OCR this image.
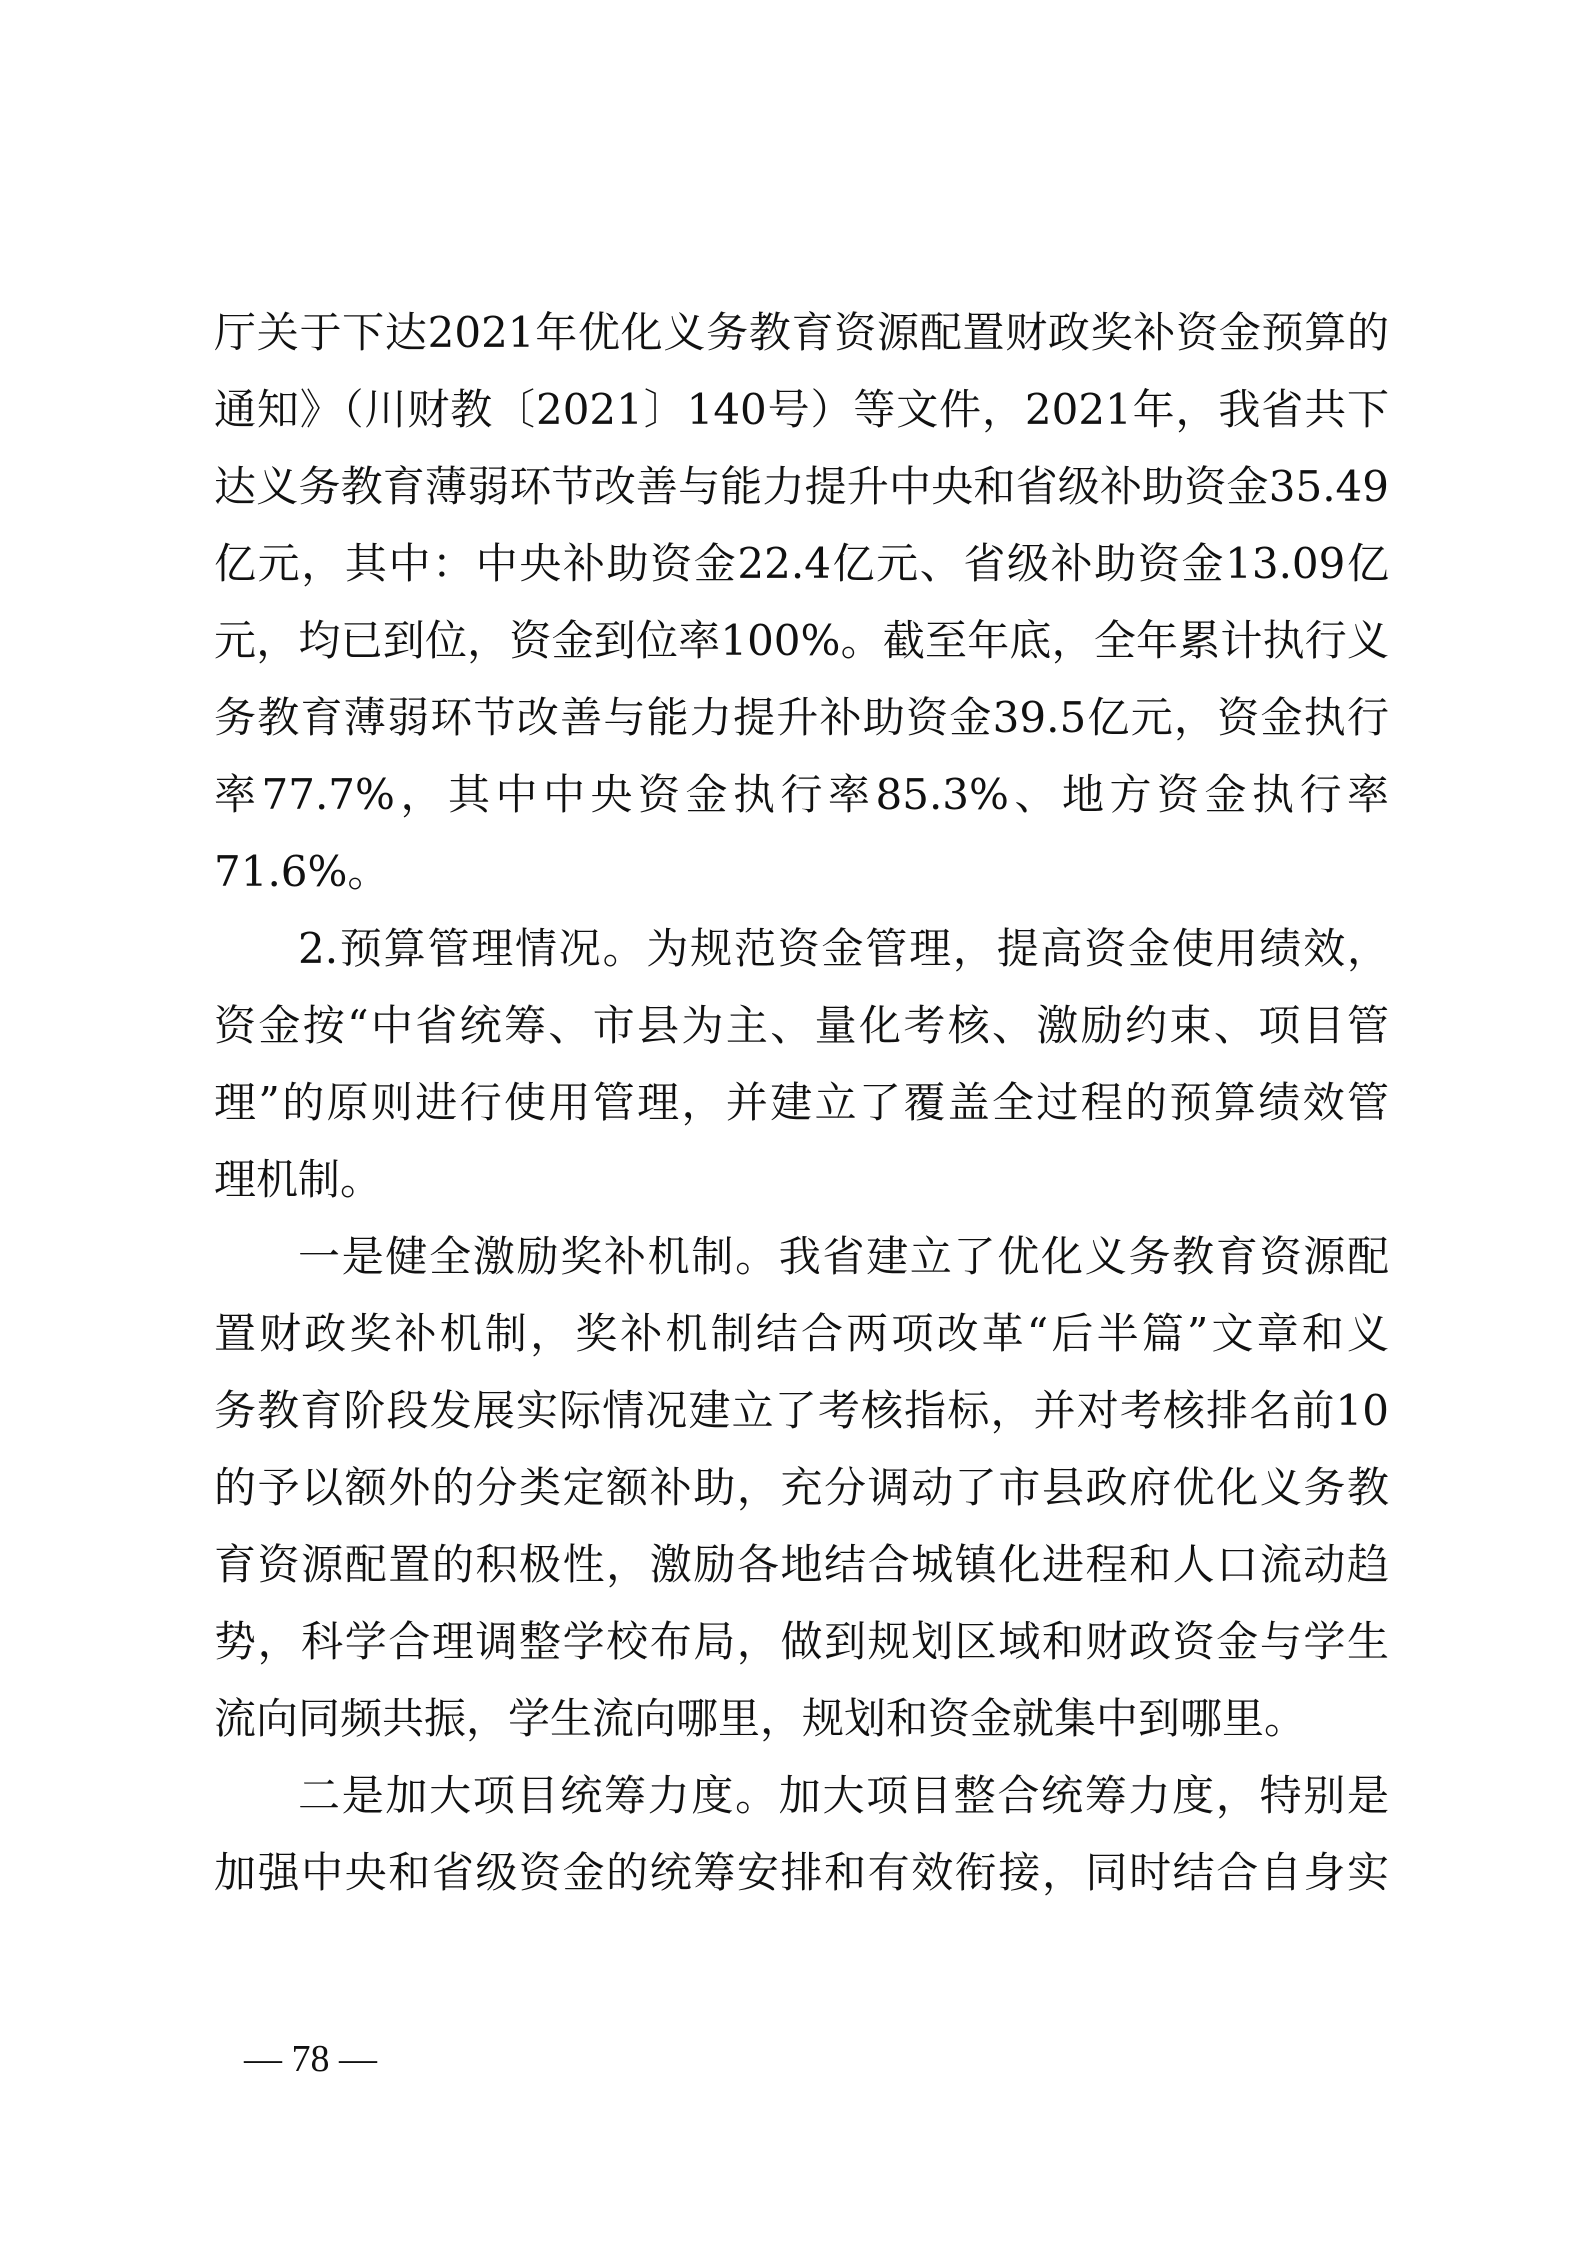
厅关于下达2021年优化义务教育资源配置财政奖补资金预算的
通知》（川财教〔2021〕140号）等文件，2021年，我省共下
达义务教育薄弱环节改善与能力提升中央和省级补助资金35.49
亿元，其中：中央补助资金22.4亿元、省级补助资金13.09亿
元，均已到位，资金到位率100%。截至年底，全年累计执行义
务教育薄弱环节改善与能力提升补助资金39.5亿元，资金执行
率77.7%，其中中央资金执行率85.3%、地方资金执行率
71.6%。
2.预算管理情况。为规范资金管理，提高资金使用绩效，
资金按“中省统筹、市县为主、量化考核、激励约束、项目管
理”的原则进行使用管理，并建立了覆盖全过程的预算绩效管
理机制。
一是健全激励奖补机制。我省建立了优化义务教育资源配
置财政奖补机制，奖补机制结合两项改革“后半篇”文章和义
务教育阶段发展实际情况建立了考核指标，并对考核排名前10
的予以额外的分类定额补助，充分调动了市县政府优化义务教
育资源配置的积极性，激励各地结合城镇化进程和人口流动趋
势，科学合理调整学校布局，做到规划区域和财政资金与学生
流向同频共振，学生流向哪里，规划和资金就集中到哪里。
二是加大项目统筹力度。加大项目整合统筹力度，特别是
加强中央和省级资金的统筹安排和有效衔接，同时结合自身实
— 78 —
